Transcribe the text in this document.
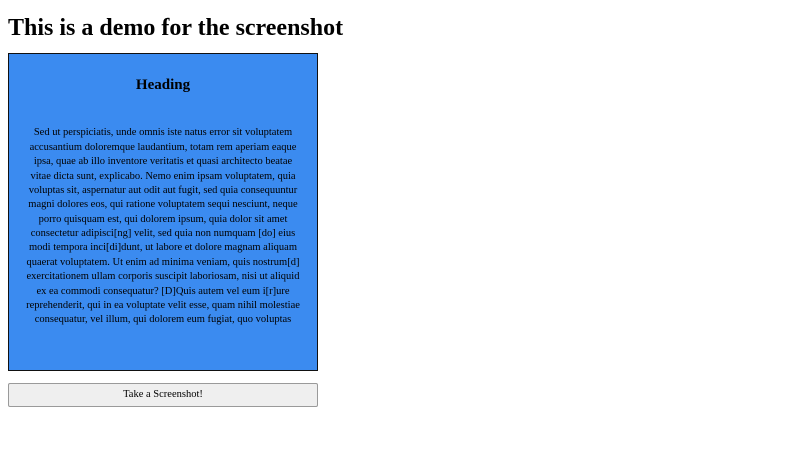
This is a demo for the screenshot
Heading
Sed ut perspiciatis, unde omnis iste natus error sit voluptatem accusantium doloremque laudantium, totam rem aperiam eaque ipsa, quae ab illo inventore veritatis et quasi architecto beatae vitae dicta sunt, explicabo. Nemo enim ipsam voluptatem, quia voluptas sit, aspernatur aut odit aut fugit, sed quia consequuntur magni dolores eos, qui ratione voluptatem sequi nesciunt, neque porro quisquam est, qui dolorem ipsum, quia dolor sit amet consectetur adipisci[ng] velit, sed quia non numquam [do] eius modi tempora inci[di]dunt, ut labore et dolore magnam aliquam quaerat voluptatem. Ut enim ad minima veniam, quis nostrum[d] exercitationem ullam corporis suscipit laboriosam, nisi ut aliquid ex ea commodi consequatur? [D]Quis autem vel eum i[r]ure reprehenderit, qui in ea voluptate velit esse, quam nihil molestiae consequatur, vel illum, qui dolorem eum fugiat, quo voluptas
Take a Screenshot!
